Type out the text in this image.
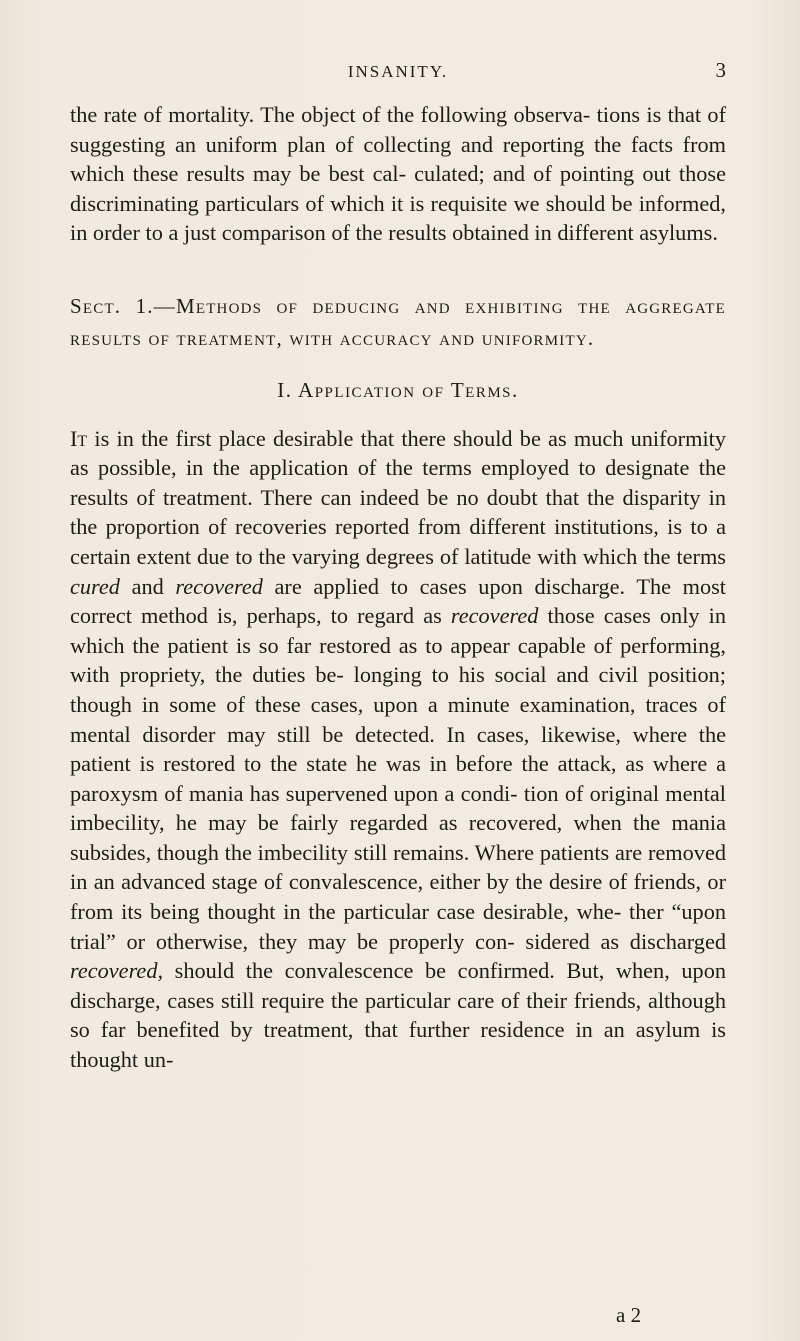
INSANITY.	3

the rate of mortality. The object of the following observa- tions is that of suggesting an uniform plan of collecting and reporting the facts from which these results may be best cal- culated; and of pointing out those discriminating particulars of which it is requisite we should be informed, in order to a just comparison of the results obtained in different asylums.

Sect. 1.—Methods of deducing and exhibiting the aggregate results of treatment, with accuracy and uniformity.

I. Application of Terms.

It is in the first place desirable that there should be as much uniformity as possible, in the application of the terms employed to designate the results of treatment. There can indeed be no doubt that the disparity in the proportion of recoveries reported from different institutions, is to a certain extent due to the varying degrees of latitude with which the terms cured and recovered are applied to cases upon discharge. The most correct method is, perhaps, to regard as recovered those cases only in which the patient is so far restored as to appear capable of performing, with propriety, the duties be- longing to his social and civil position; though in some of these cases, upon a minute examination, traces of mental disorder may still be detected. In cases, likewise, where the patient is restored to the state he was in before the attack, as where a paroxysm of mania has supervened upon a condi- tion of original mental imbecility, he may be fairly regarded as recovered, when the mania subsides, though the imbecility still remains. Where patients are removed in an advanced stage of convalescence, either by the desire of friends, or from its being thought in the particular case desirable, whe- ther “upon trial” or otherwise, they may be properly con- sidered as discharged recovered, should the convalescence be confirmed. But, when, upon discharge, cases still require the particular care of their friends, although so far benefited by treatment, that further residence in an asylum is thought un-

a 2
